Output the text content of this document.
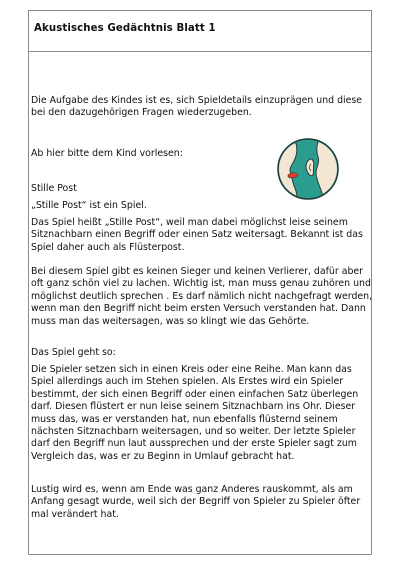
Akustisches Gedächtnis Blatt 1

Die Aufgabe des Kindes ist es, sich Spieldetails einzuprägen und diese bei den dazugehörigen Fragen wiederzugeben.

Ab hier bitte dem Kind vorlesen:

Stille Post

„Stille Post“ ist ein Spiel.

Das Spiel heißt „Stille Post“, weil man dabei möglichst leise seinem Sitznachbarn einen Begriff oder einen Satz weitersagt. Bekannt ist das Spiel daher auch als Flüsterpost.

Bei diesem Spiel gibt es keinen Sieger und keinen Verlierer, dafür aber oft ganz schön viel zu lachen. Wichtig ist, man muss genau zuhören und möglichst deutlich sprechen . Es darf nämlich nicht nachgefragt werden, wenn man den Begriff nicht beim ersten Versuch verstanden hat. Dann muss man das weitersagen, was so klingt wie das Gehörte.

Das Spiel geht so:

Die Spieler setzen sich in einen Kreis oder eine Reihe. Man kann das Spiel allerdings auch im Stehen spielen. Als Erstes wird ein Spieler bestimmt, der sich einen Begriff oder einen einfachen Satz überlegen darf. Diesen flüstert er nun leise seinem Sitznachbarn ins Ohr. Dieser muss das, was er verstanden hat, nun ebenfalls flüsternd seinem nächsten Sitznachbarn weitersagen, und so weiter. Der letzte Spieler darf den Begriff nun laut aussprechen und der erste Spieler sagt zum Vergleich das, was er zu Beginn in Umlauf gebracht hat.

Lustig wird es, wenn am Ende was ganz Anderes rauskommt, als am Anfang gesagt wurde, weil sich der Begriff von Spieler zu Spieler öfter mal verändert hat.
